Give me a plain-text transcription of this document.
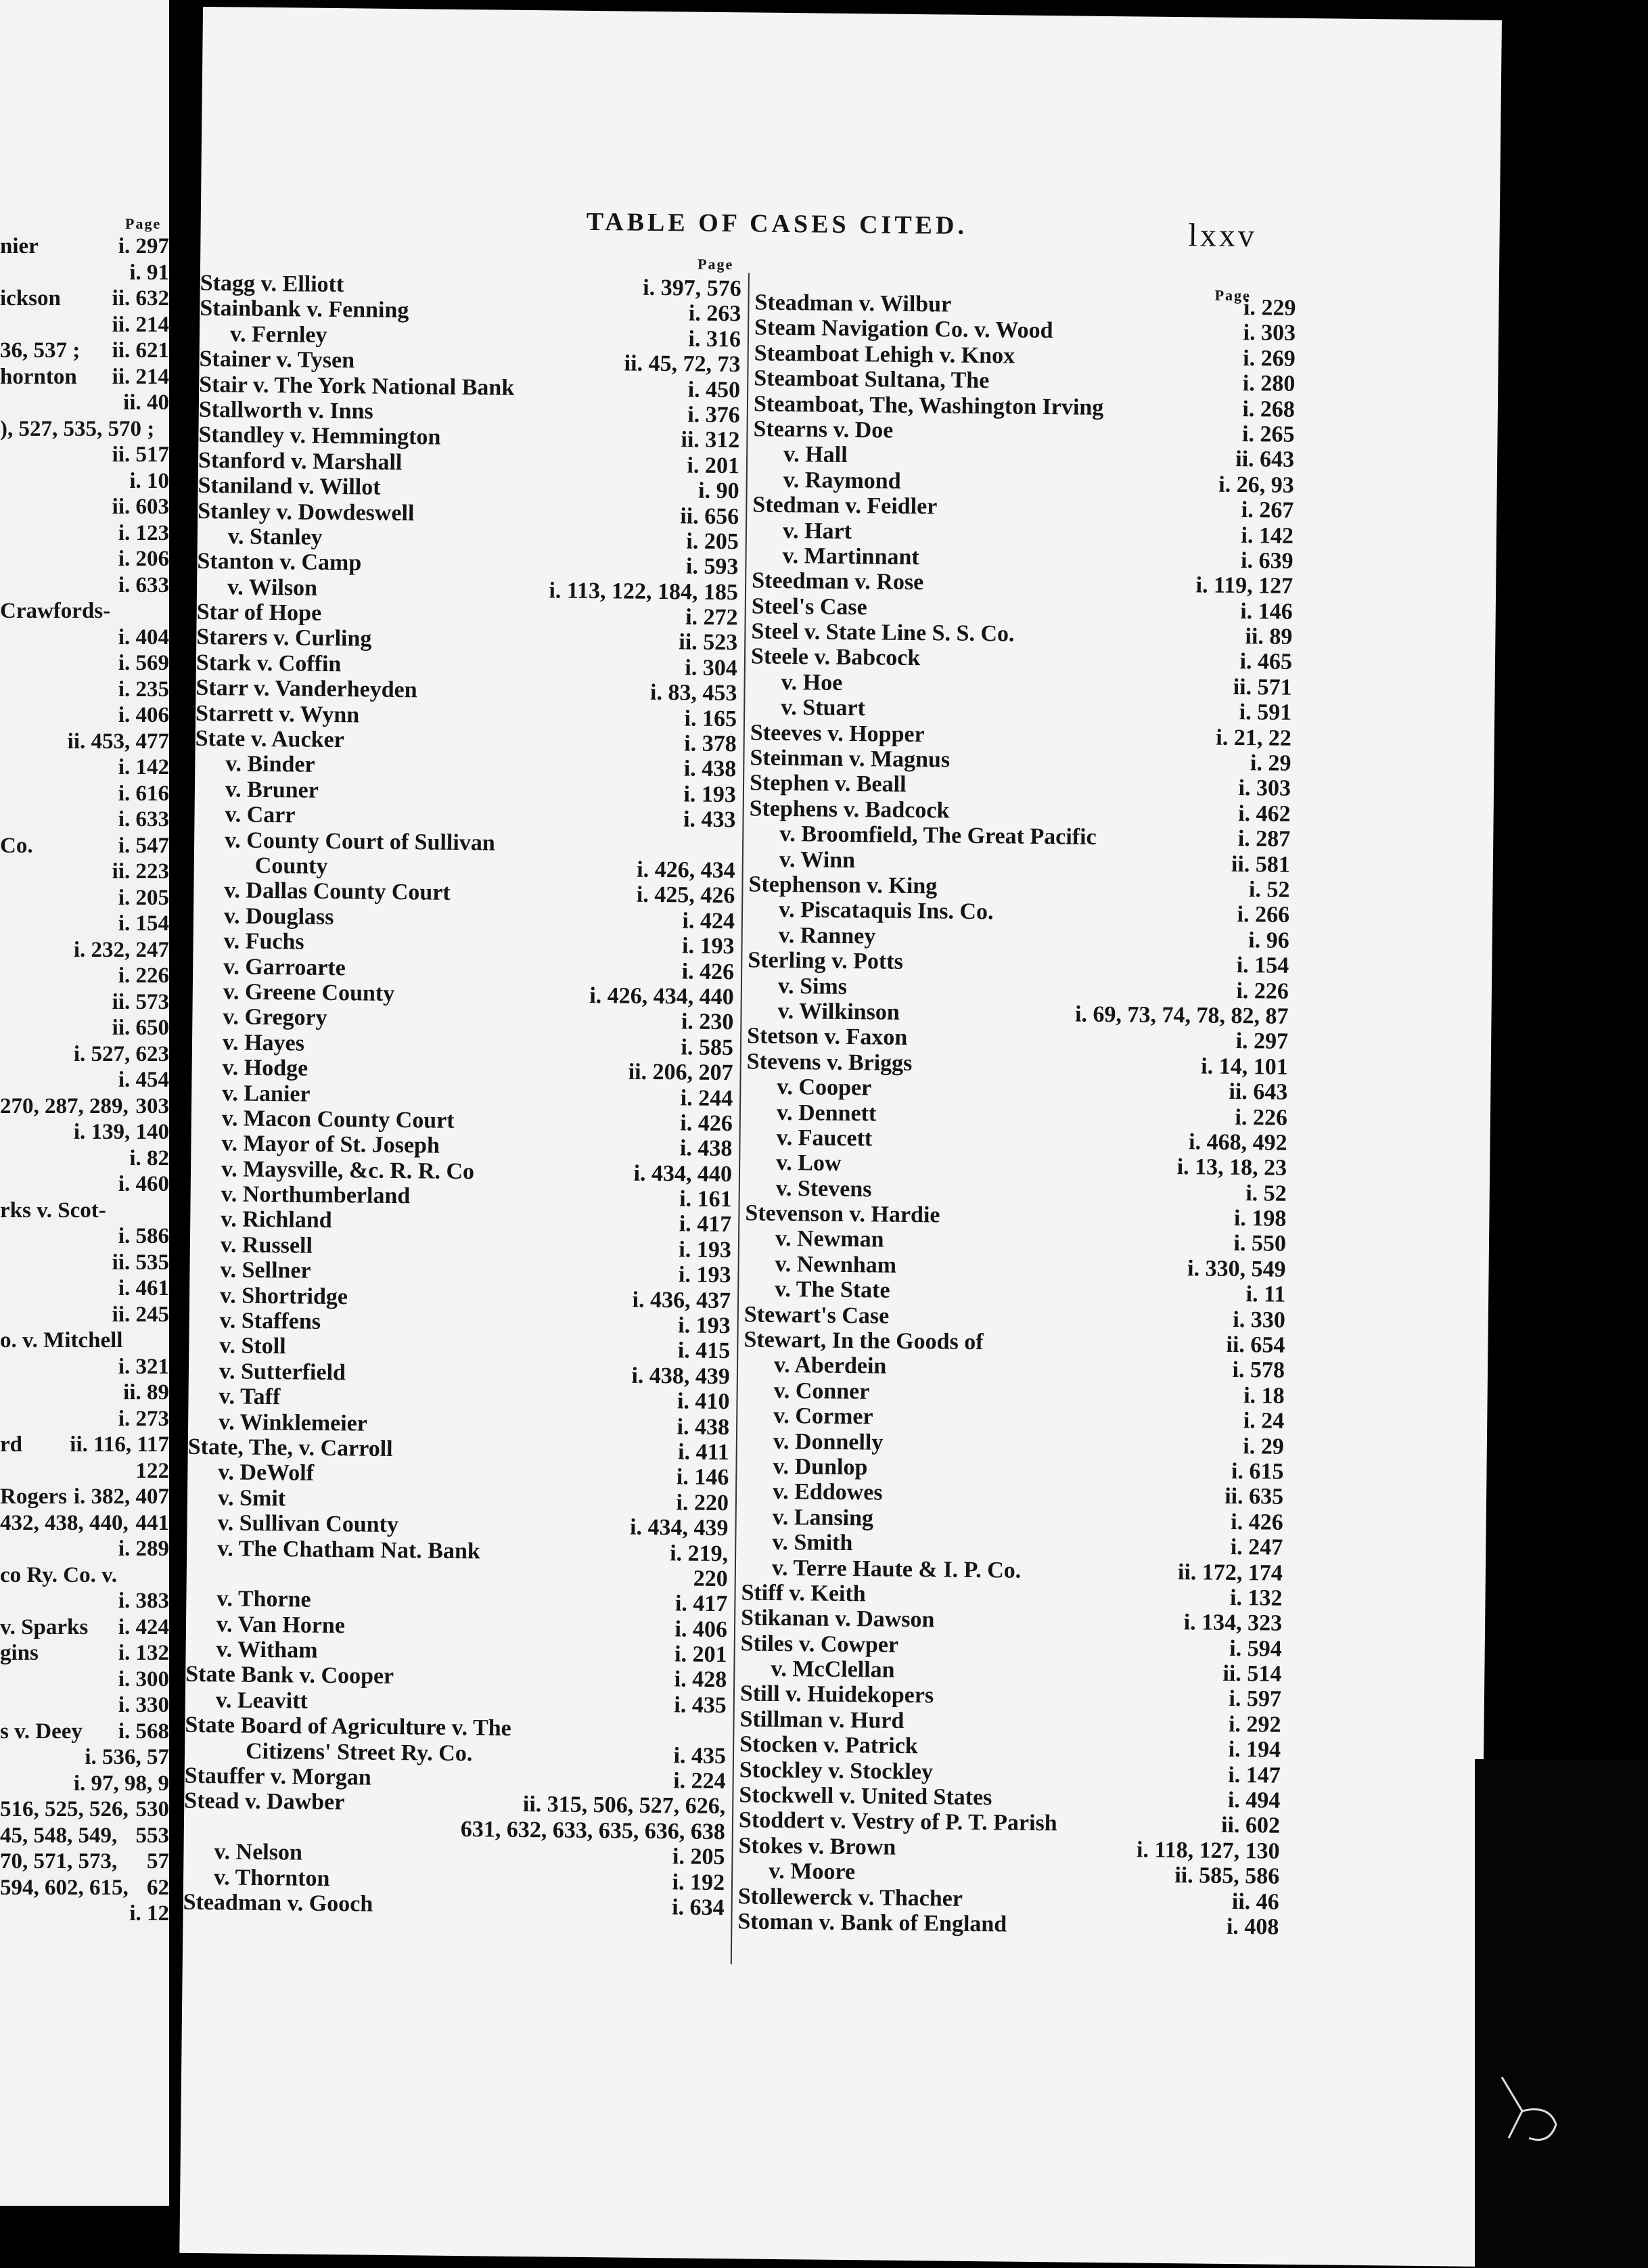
Page
nier	i. 297
i. 91
ickson ii. 632
ii. 214
36, 537 ; ii. 621
hornton ii. 214
ii. 40
), 527, 535, 570 ;
ii. 517
i. 10
ii. 603
i. 123
i. 206
i. 633
Crawfords-
i. 404
i. 569
i. 235
i. 406
ii. 453, 477
i. 142
i. 616
i. 633
Co.	i. 547
ii. 223
i. 205
i. 154
i. 232, 247
i. 226
ii. 573
ii. 650
i. 527, 623
i. 454
270, 287, 289, 303
i. 139, 140
i. 82
i. 460
rks v. Scot-
i. 586
ii. 535
i. 461
ii. 245
o. v. Mitchell
i. 321
ii. 89
i. 273
rd ii. 116, 117
122
Rogers i. 382, 407
432, 438, 440, 441
i. 289
co Ry. Co. v.
i. 383
v. Sparks i. 424
gins	i. 132
i. 300
i. 330
s v. Deey i. 568
i. 536, 57
i. 97, 98, 9
516, 525, 526, 530
45, 548, 549, 553
70, 571, 573, 57
594, 602, 615, 62
i. 12
TABLE OF CASES CITED.	lxxv
Page
Page
Stagg v. Elliott	i. 397, 576
Stainbank v. Fenning	i. 263
v. Fernley	i. 316
Stainer v. Tysen	ii. 45, 72, 73
Stair v. The York National Bank	i. 450
Stallworth v. Inns	i. 376
Standley v. Hemmington	ii. 312
Stanford v. Marshall	i. 201
Staniland v. Willot	i. 90
Stanley v. Dowdeswell	ii. 656
v. Stanley	i. 205
Stanton v. Camp	i. 593
v. Wilson	i. 113, 122, 184, 185
Star of Hope	i. 272
Starers v. Curling	ii. 523
Stark v. Coffin	i. 304
Starr v. Vanderheyden	i. 83, 453
Starrett v. Wynn	i. 165
State v. Aucker	i. 378
v. Binder	i. 438
v. Bruner	i. 193
v. Carr	i. 433
v. County Court of Sullivan
County	i. 426, 434
v. Dallas County Court	i. 425, 426
v. Douglass	i. 424
v. Fuchs	i. 193
v. Garroarte	i. 426
v. Greene County	i. 426, 434, 440
v. Gregory	i. 230
v. Hayes	i. 585
v. Hodge	ii. 206, 207
v. Lanier	i. 244
v. Macon County Court	i. 426
v. Mayor of St. Joseph	i. 438
v. Maysville, &c. R. R. Co	i. 434, 440
v. Northumberland	i. 161
v. Richland	i. 417
v. Russell	i. 193
v. Sellner	i. 193
v. Shortridge	i. 436, 437
v. Staffens	i. 193
v. Stoll	i. 415
v. Sutterfield	i. 438, 439
v. Taff	i. 410
v. Winklemeier	i. 438
State, The, v. Carroll	i. 411
v. DeWolf	i. 146
v. Smit	i. 220
v. Sullivan County	i. 434, 439
v. The Chatham Nat. Bank	i. 219,
220
v. Thorne	i. 417
v. Van Horne	i. 406
v. Witham	i. 201
State Bank v. Cooper	i. 428
v. Leavitt	i. 435
State Board of Agriculture v. The
Citizens' Street Ry. Co.	i. 435
Stauffer v. Morgan	i. 224
Stead v. Dawber	ii. 315, 506, 527, 626,
631, 632, 633, 635, 636, 638
v. Nelson	i. 205
v. Thornton	i. 192
Steadman v. Gooch	i. 634
Steadman v. Wilbur	i. 229
Steam Navigation Co. v. Wood	i. 303
Steamboat Lehigh v. Knox	i. 269
Steamboat Sultana, The	i. 280
Steamboat, The, Washington Irving	i. 268
Stearns v. Doe	i. 265
v. Hall	ii. 643
v. Raymond	i. 26, 93
Stedman v. Feidler	i. 267
v. Hart	i. 142
v. Martinnant	i. 639
Steedman v. Rose	i. 119, 127
Steel's Case	i. 146
Steel v. State Line S. S. Co.	ii. 89
Steele v. Babcock	i. 465
v. Hoe	ii. 571
v. Stuart	i. 591
Steeves v. Hopper	i. 21, 22
Steinman v. Magnus	i. 29
Stephen v. Beall	i. 303
Stephens v. Badcock	i. 462
v. Broomfield, The Great Pacific	i. 287
v. Winn	ii. 581
Stephenson v. King	i. 52
v. Piscataquis Ins. Co.	i. 266
v. Ranney	i. 96
Sterling v. Potts	i. 154
v. Sims	i. 226
v. Wilkinson	i. 69, 73, 74, 78, 82, 87
Stetson v. Faxon	i. 297
Stevens v. Briggs	i. 14, 101
v. Cooper	ii. 643
v. Dennett	i. 226
v. Faucett	i. 468, 492
v. Low	i. 13, 18, 23
v. Stevens	i. 52
Stevenson v. Hardie	i. 198
v. Newman	i. 550
v. Newnham	i. 330, 549
v. The State	i. 11
Stewart's Case	i. 330
Stewart, In the Goods of	ii. 654
v. Aberdein	i. 578
v. Conner	i. 18
v. Cormer	i. 24
v. Donnelly	i. 29
v. Dunlop	i. 615
v. Eddowes	ii. 635
v. Lansing	i. 426
v. Smith	i. 247
v. Terre Haute & I. P. Co.	ii. 172, 174
Stiff v. Keith	i. 132
Stikanan v. Dawson	i. 134, 323
Stiles v. Cowper	i. 594
v. McClellan	ii. 514
Still v. Huidekopers	i. 597
Stillman v. Hurd	i. 292
Stocken v. Patrick	i. 194
Stockley v. Stockley	i. 147
Stockwell v. United States	i. 494
Stoddert v. Vestry of P. T. Parish	ii. 602
Stokes v. Brown	i. 118, 127, 130
v. Moore	ii. 585, 586
Stollewerck v. Thacher	ii. 46
Stoman v. Bank of England	i. 408
